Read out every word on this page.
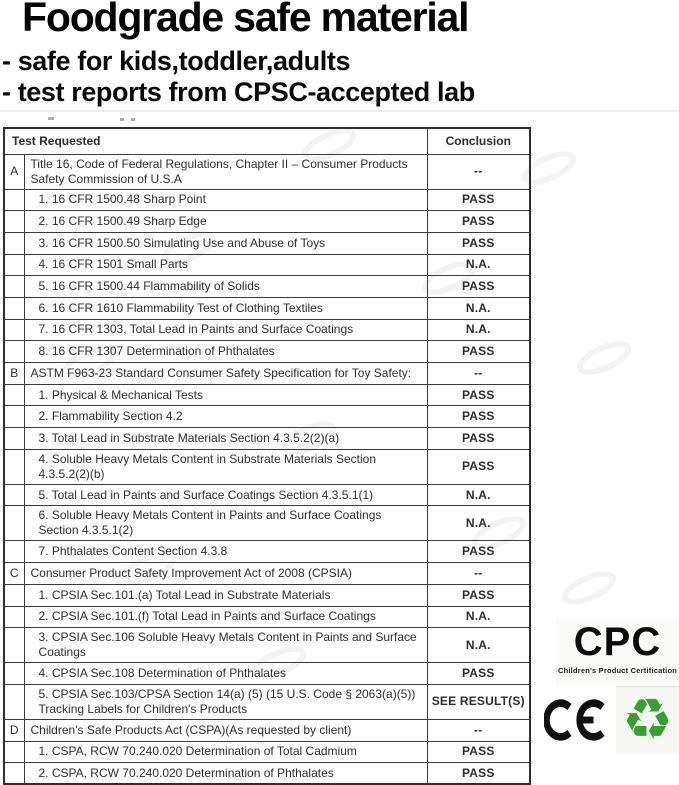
Foodgrade safe material
- safe for kids,toddler,adults
- test reports from CPSC-accepted lab
Test Requested		Conclusion
A	Title 16, Code of Federal Regulations, Chapter II – Consumer Products Safety Commission of U.S.A	--
	1. 16 CFR 1500.48 Sharp Point	PASS
	2. 16 CFR 1500.49 Sharp Edge	PASS
	3. 16 CFR 1500.50 Simulating Use and Abuse of Toys	PASS
	4. 16 CFR 1501 Small Parts	N.A.
	5. 16 CFR 1500.44 Flammability of Solids	PASS
	6. 16 CFR 1610 Flammability Test of Clothing Textiles	N.A.
	7. 16 CFR 1303, Total Lead in Paints and Surface Coatings	N.A.
	8. 16 CFR 1307 Determination of Phthalates	PASS
B	ASTM F963-23 Standard Consumer Safety Specification for Toy Safety:	--
	1. Physical & Mechanical Tests	PASS
	2. Flammability Section 4.2	PASS
	3. Total Lead in Substrate Materials Section 4.3.5.2(2)(a)	PASS
	4. Soluble Heavy Metals Content in Substrate Materials Section 4.3.5.2(2)(b)	PASS
	5. Total Lead in Paints and Surface Coatings Section 4.3.5.1(1)	N.A.
	6. Soluble Heavy Metals Content in Paints and Surface Coatings Section 4.3.5.1(2)	N.A.
	7. Phthalates Content Section 4.3.8	PASS
C	Consumer Product Safety Improvement Act of 2008 (CPSIA)	--
	1. CPSIA Sec.101.(a) Total Lead in Substrate Materials	PASS
	2. CPSIA Sec.101.(f) Total Lead in Paints and Surface Coatings	N.A.
	3. CPSIA Sec.106 Soluble Heavy Metals Content in Paints and Surface Coatings	N.A.
	4. CPSIA Sec.108 Determination of Phthalates	PASS
	5. CPSIA Sec.103/CPSA Section 14(a) (5) (15 U.S. Code § 2063(a)(5)) Tracking Labels for Children's Products	SEE RESULT(S)
D	Children's Safe Products Act (CSPA)(As requested by client)	--
	1. CSPA, RCW 70.240.020 Determination of Total Cadmium	PASS
	2. CSPA, RCW 70.240.020 Determination of Phthalates	PASS
CPC
Children's Product Certification
♻
